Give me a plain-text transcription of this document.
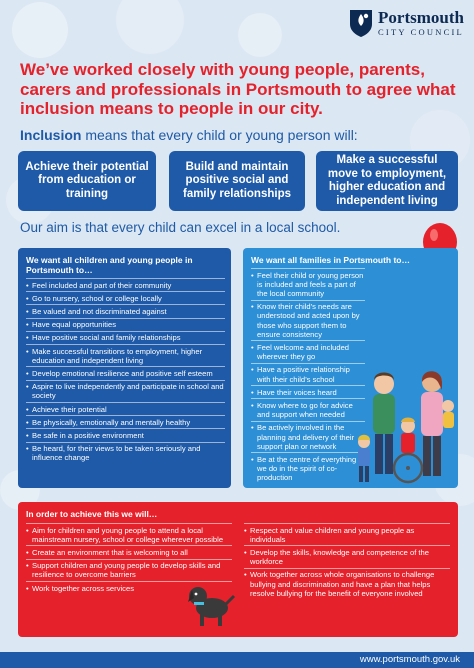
Portsmouth
CITY COUNCIL
We’ve worked closely with young people, parents, carers and professionals in Portsmouth to agree what inclusion means to people in our city.
Inclusion means that every child or young person will:
Achieve their potential from education or training
Build and maintain positive social and family relationships
Make a successful move to employment, higher education and independent living
Our aim is that every child can excel in a local school.
We want all children and young people in Portsmouth to…
• Feel included and part of their community
• Go to nursery, school or college locally
• Be valued and not discriminated against
• Have equal opportunities
• Have positive social and family relationships
• Make successful transitions to employment, higher education and independent living
• Develop emotional resilience and positive self esteem
• Aspire to live independently and participate in school and society
• Achieve their potential
• Be physically, emotionally and mentally healthy
• Be safe in a positive environment
• Be heard, for their views to be taken seriously and influence change
We want all families in Portsmouth to…
• Feel their child or young person is included and feels a part of the local community
• Know their child’s needs are understood and acted upon by those who support them to ensure consistency
• Feel welcome and included wherever they go
• Have a positive relationship with their child’s school
• Have their voices heard
• Know where to go for advice and support when needed
• Be actively involved in the planning and delivery of their support plan or network
• Be at the centre of everything we do in the spirit of co-production
In order to achieve this we will…
• Aim for children and young people to attend a local mainstream nursery, school or college wherever possible
• Create an environment that is welcoming to all
• Support children and young people to develop skills and resilience to overcome barriers
• Work together across services
• Respect and value children and young people as individuals
• Develop the skills, knowledge and competence of the workforce
• Work together across whole organisations to challenge bullying and discrimination and have a plan that helps resolve bullying for the benefit of everyone involved
www.portsmouth.gov.uk
